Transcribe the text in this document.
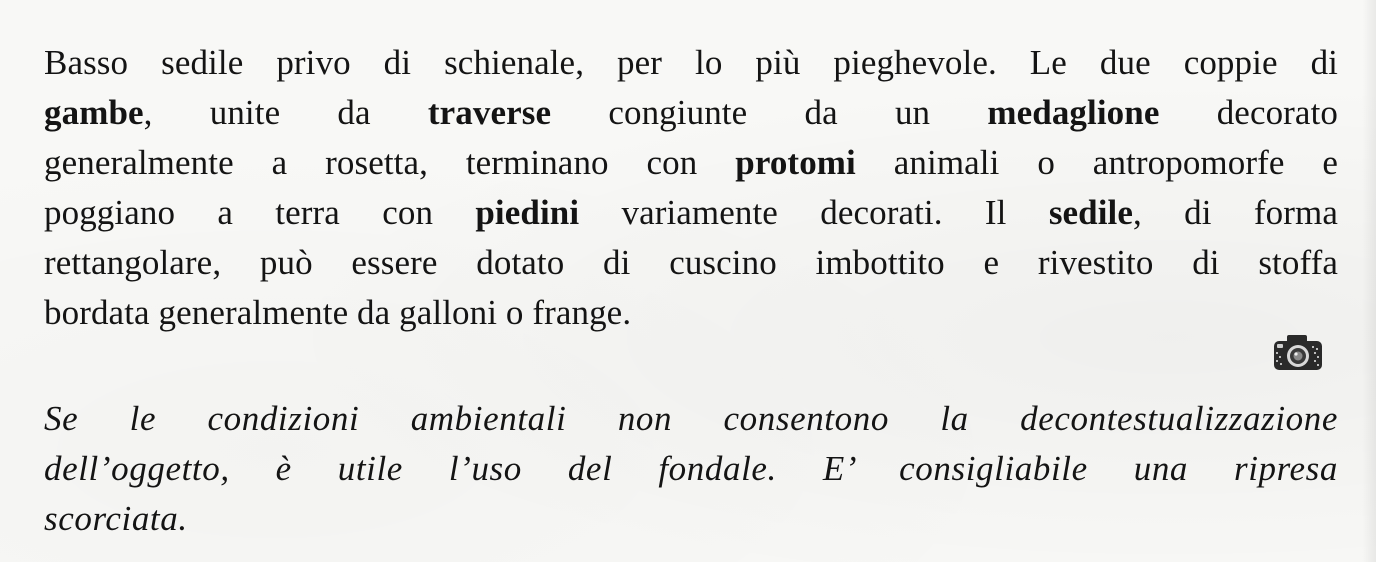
Basso sedile privo di schienale, per lo più pieghevole. Le due coppie di
gambe, unite da traverse congiunte da un medaglione decorato
generalmente a rosetta, terminano con protomi animali o antropomorfe e
poggiano a terra con piedini variamente decorati. Il sedile, di forma
rettangolare, può essere dotato di cuscino imbottito e rivestito di stoffa
bordata generalmente da galloni o frange.
Se le condizioni ambientali non consentono la decontestualizzazione
dell’oggetto, è utile l’uso del fondale. E’ consigliabile una ripresa
scorciata.
